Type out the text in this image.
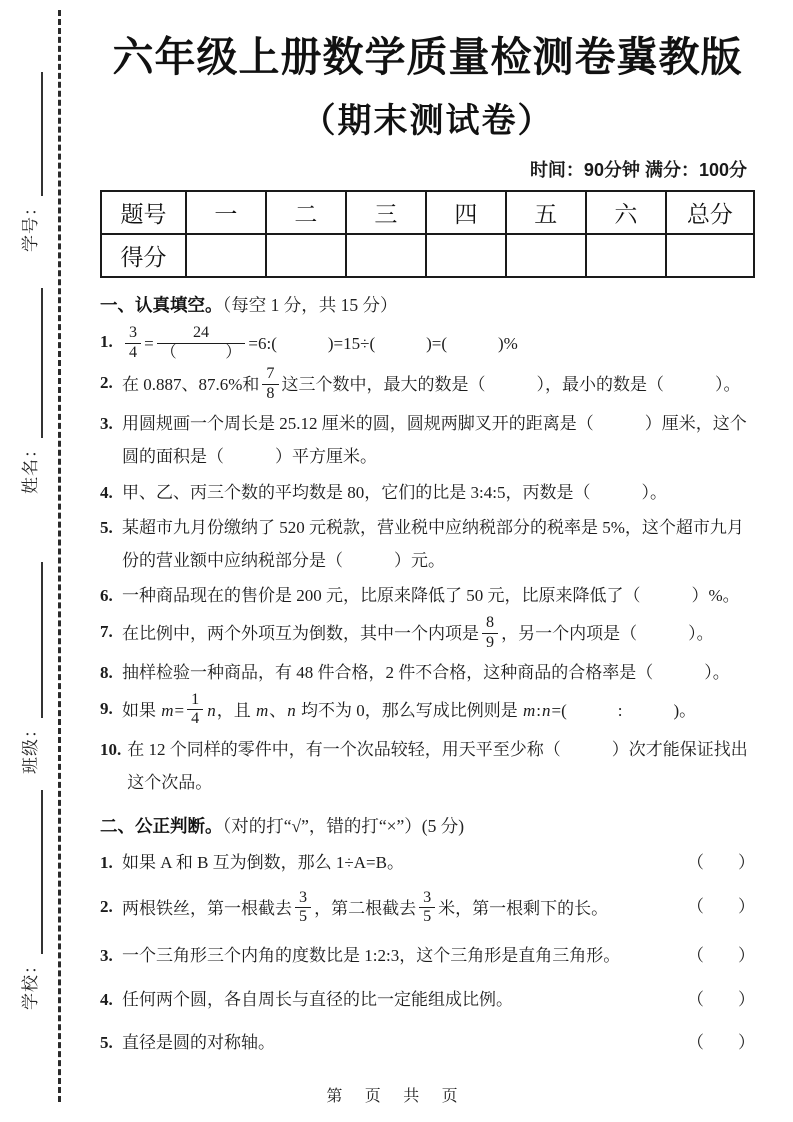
学号：
姓名：
班级：
学校：
六年级上册数学质量检测卷冀教版
（期末测试卷）
时间：90分钟 满分：100分
题号	一	二	三	四	五	六	总分
得分							
一、认真填空。（每空 1 分，共 15 分）
1. $\frac{3}{4} = \frac{24}{( )}$ =6:(　　　)=15÷(　　　)=(　　　)%
2. 在 0.887、87.6%和 $\frac{7}{8}$ 这三个数中，最大的数是（　　　），最小的数是（　　　）。
3. 用圆规画一个周长是 25.12 厘米的圆，圆规两脚叉开的距离是（　　　）厘米，这个圆的面积是（　　　）平方厘米。
4. 甲、乙、丙三个数的平均数是 80，它们的比是 3:4:5，丙数是（　　　）。
5. 某超市九月份缴纳了 520 元税款，营业税中应纳税部分的税率是 5%，这个超市九月份的营业额中应纳税部分是（　　　）元。
6. 一种商品现在的售价是 200 元，比原来降低了 50 元，比原来降低了（　　　）%。
7. 在比例中，两个外项互为倒数，其中一个内项是 $\frac{8}{9}$ ，另一个内项是（　　　）。
8. 抽样检验一种商品，有 48 件合格，2 件不合格，这种商品的合格率是（　　　）。
9. 如果 $m= \frac{1}{4}$ n，且 m、n 均不为 0，那么写成比例则是 m:n=(　　　:　　　)。
10. 在 12 个同样的零件中，有一个次品较轻，用天平至少称（　　　）次才能保证找出这个次品。
二、公正判断。（对的打“√”，错的打“×”）(5 分)
1.	（　　）
如果 A 和 B 互为倒数，那么 1÷A=B。
2.	（　　）
两根铁丝，第一根截去 $\frac{3}{5}$ ，第二根截去 $\frac{3}{5}$ 米，第一根剩下的长。
3.	（　　）
一个三角形三个内角的度数比是 1:2:3，这个三角形是直角三角形。
4.	（　　）
任何两个圆，各自周长与直径的比一定能组成比例。
5.	（　　）
直径是圆的对称轴。
第 页 共 页
